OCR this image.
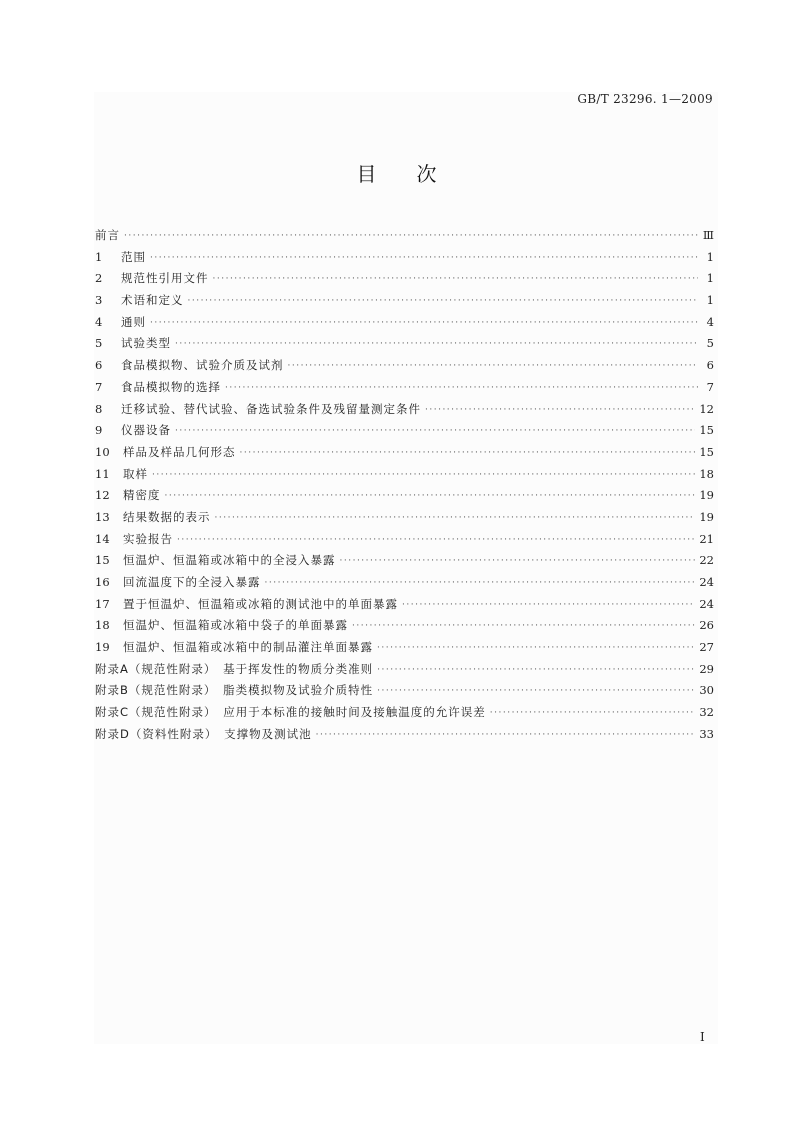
GB/T 23296. 1—2009
目次
前言 ·····	Ⅲ
1	范围 ·····	1
2	规范性引用文件 ·····	1
3	术语和定义 ·····	1
4	通则 ·····	4
5	试验类型 ·····	5
6	食品模拟物、试验介质及试剂 ·····	6
7	食品模拟物的选择 ·····	7
8	迁移试验、替代试验、备选试验条件及残留量测定条件 ·····	12
9	仪器设备 ·····	15
10	样品及样品几何形态 ·····	15
11	取样 ·····	18
12	精密度 ·····	19
13	结果数据的表示 ·····	19
14	实验报告 ·····	21
15	恒温炉、恒温箱或冰箱中的全浸入暴露 ·····	22
16	回流温度下的全浸入暴露 ·····	24
17	置于恒温炉、恒温箱或冰箱的测试池中的单面暴露 ·····	24
18	恒温炉、恒温箱或冰箱中袋子的单面暴露 ·····	26
19	恒温炉、恒温箱或冰箱中的制品灌注单面暴露 ·····	27
附录A（规范性附录）　基于挥发性的物质分类准则 ·····	29
附录B（规范性附录）　脂类模拟物及试验介质特性 ·····	30
附录C（规范性附录）　应用于本标准的接触时间及接触温度的允许误差 ·····	32
附录D（资料性附录）　支撑物及测试池 ·····	33
I
